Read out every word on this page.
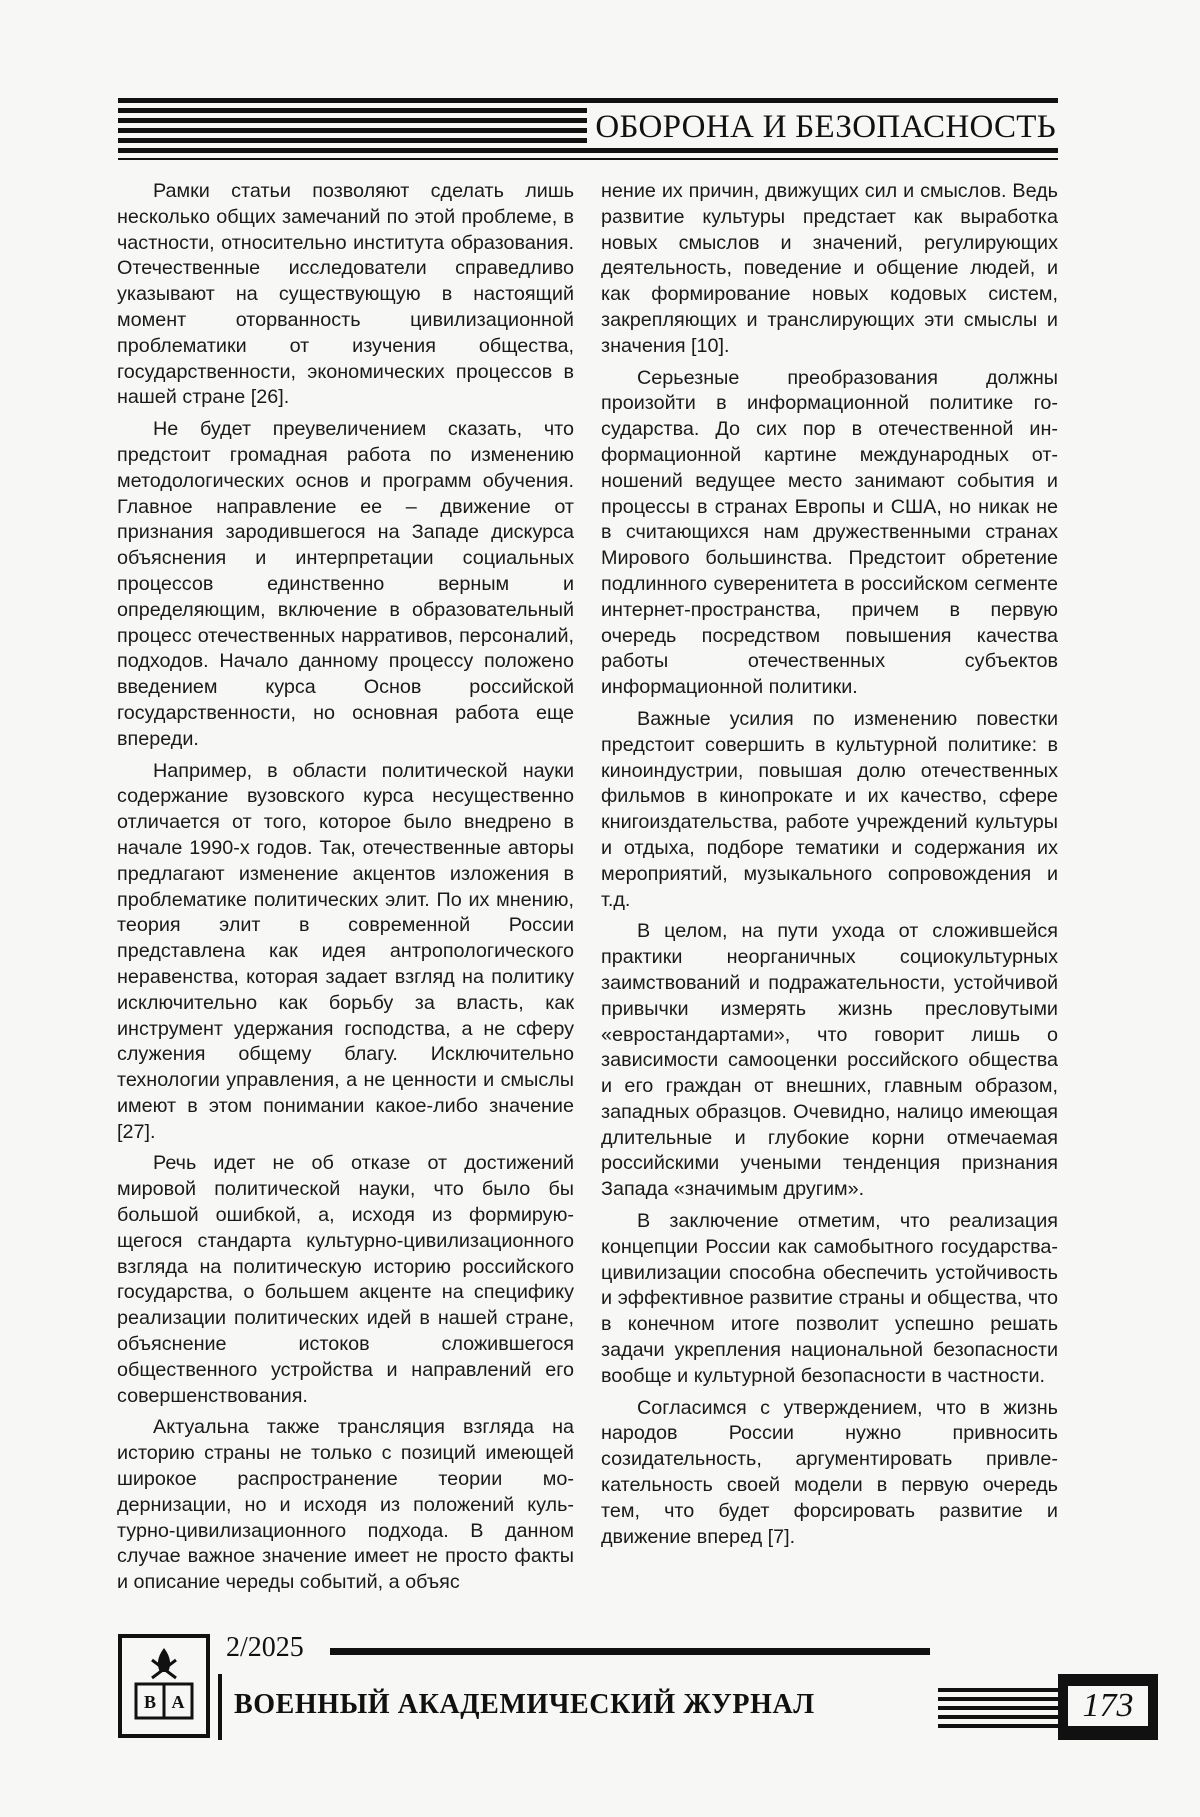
ОБОРОНА И БЕЗОПАСНОСТЬ

Рамки статьи позволяют сделать лишь несколько общих замечаний по этой проблеме, в частности, относительно института образования. Отечественные исследователи справедливо указывают на существующую в настоящий момент оторванность цивилизационной проблематики от изучения общества, государственности, экономических процессов в нашей стране [26].

Не будет преувеличением сказать, что предстоит громадная работа по изменению методологических основ и программ обучения. Главное направление ее – движение от признания зародившегося на Западе дискурса объяснения и интерпретации социальных процессов единственно верным и определяющим, включение в образовательный процесс отечественных нарративов, персоналий, подходов. Начало данному процессу положено введением курса Основ российской государственности, но основная работа еще впереди.

Например, в области политической науки содержание вузовского курса несущественно отличается от того, которое было внедрено в начале 1990-х годов. Так, отечественные авторы предлагают изменение акцентов изложения в проблематике политических элит. По их мнению, теория элит в современной России представлена как идея антропологического неравенства, которая задает взгляд на политику исключительно как борьбу за власть, как инструмент удержания господства, а не сферу служения общему благу. Исключительно технологии управления, а не ценности и смыслы имеют в этом понимании какое-либо значение [27].

Речь идет не об отказе от достижений мировой политической науки, что было бы большой ошибкой, а, исходя из формирующегося стандарта культурно-цивилизационного взгляда на политическую историю российского государства, о большем акценте на специфику реализации политических идей в нашей стране, объяснение истоков сложившегося общественного устройства и направлений его совершенствования.

Актуальна также трансляция взгляда на историю страны не только с позиций имеющей широкое распространение теории модернизации, но и исходя из положений культурно-цивилизационного подхода. В данном случае важное значение имеет не просто факты и описание череды событий, а объяс

нение их причин, движущих сил и смыслов. Ведь развитие культуры предстает как выработка новых смыслов и значений, регулирующих деятельность, поведение и общение людей, и как формирование новых кодовых систем, закрепляющих и транслирующих эти смыслы и значения [10].

Серьезные преобразования должны произойти в информационной политике государства. До сих пор в отечественной информационной картине международных отношений ведущее место занимают события и процессы в странах Европы и США, но никак не в считающихся нам дружественными странах Мирового большинства. Предстоит обретение подлинного суверенитета в российском сегменте интернет-пространства, причем в первую очередь посредством повышения качества работы отечественных субъектов информационной политики.

Важные усилия по изменению повестки предстоит совершить в культурной политике: в киноиндустрии, повышая долю отечественных фильмов в кинопрокате и их качество, сфере книгоиздательства, работе учреждений культуры и отдыха, подборе тематики и содержания их мероприятий, музыкального сопровождения и т.д.

В целом, на пути ухода от сложившейся практики неорганичных социокультурных заимствований и подражательности, устойчивой привычки измерять жизнь пресловутыми «евростандартами», что говорит лишь о зависимости самооценки российского общества и его граждан от внешних, главным образом, западных образцов. Очевидно, налицо имеющая длительные и глубокие корни отмечаемая российскими учеными тенденция признания Запада «значимым другим».

В заключение отметим, что реализация концепции России как самобытного государства-цивилизации способна обеспечить устойчивость и эффективное развитие страны и общества, что в конечном итоге позволит успешно решать задачи укрепления национальной безопасности вообще и культурной безопасности в частности.

Согласимся с утверждением, что в жизнь народов России нужно привносить созидательность, аргументировать привлекательность своей модели в первую очередь тем, что будет форсировать развитие и движение вперед [7].

В А
2/2025
ВОЕННЫЙ АКАДЕМИЧЕСКИЙ ЖУРНАЛ	173
